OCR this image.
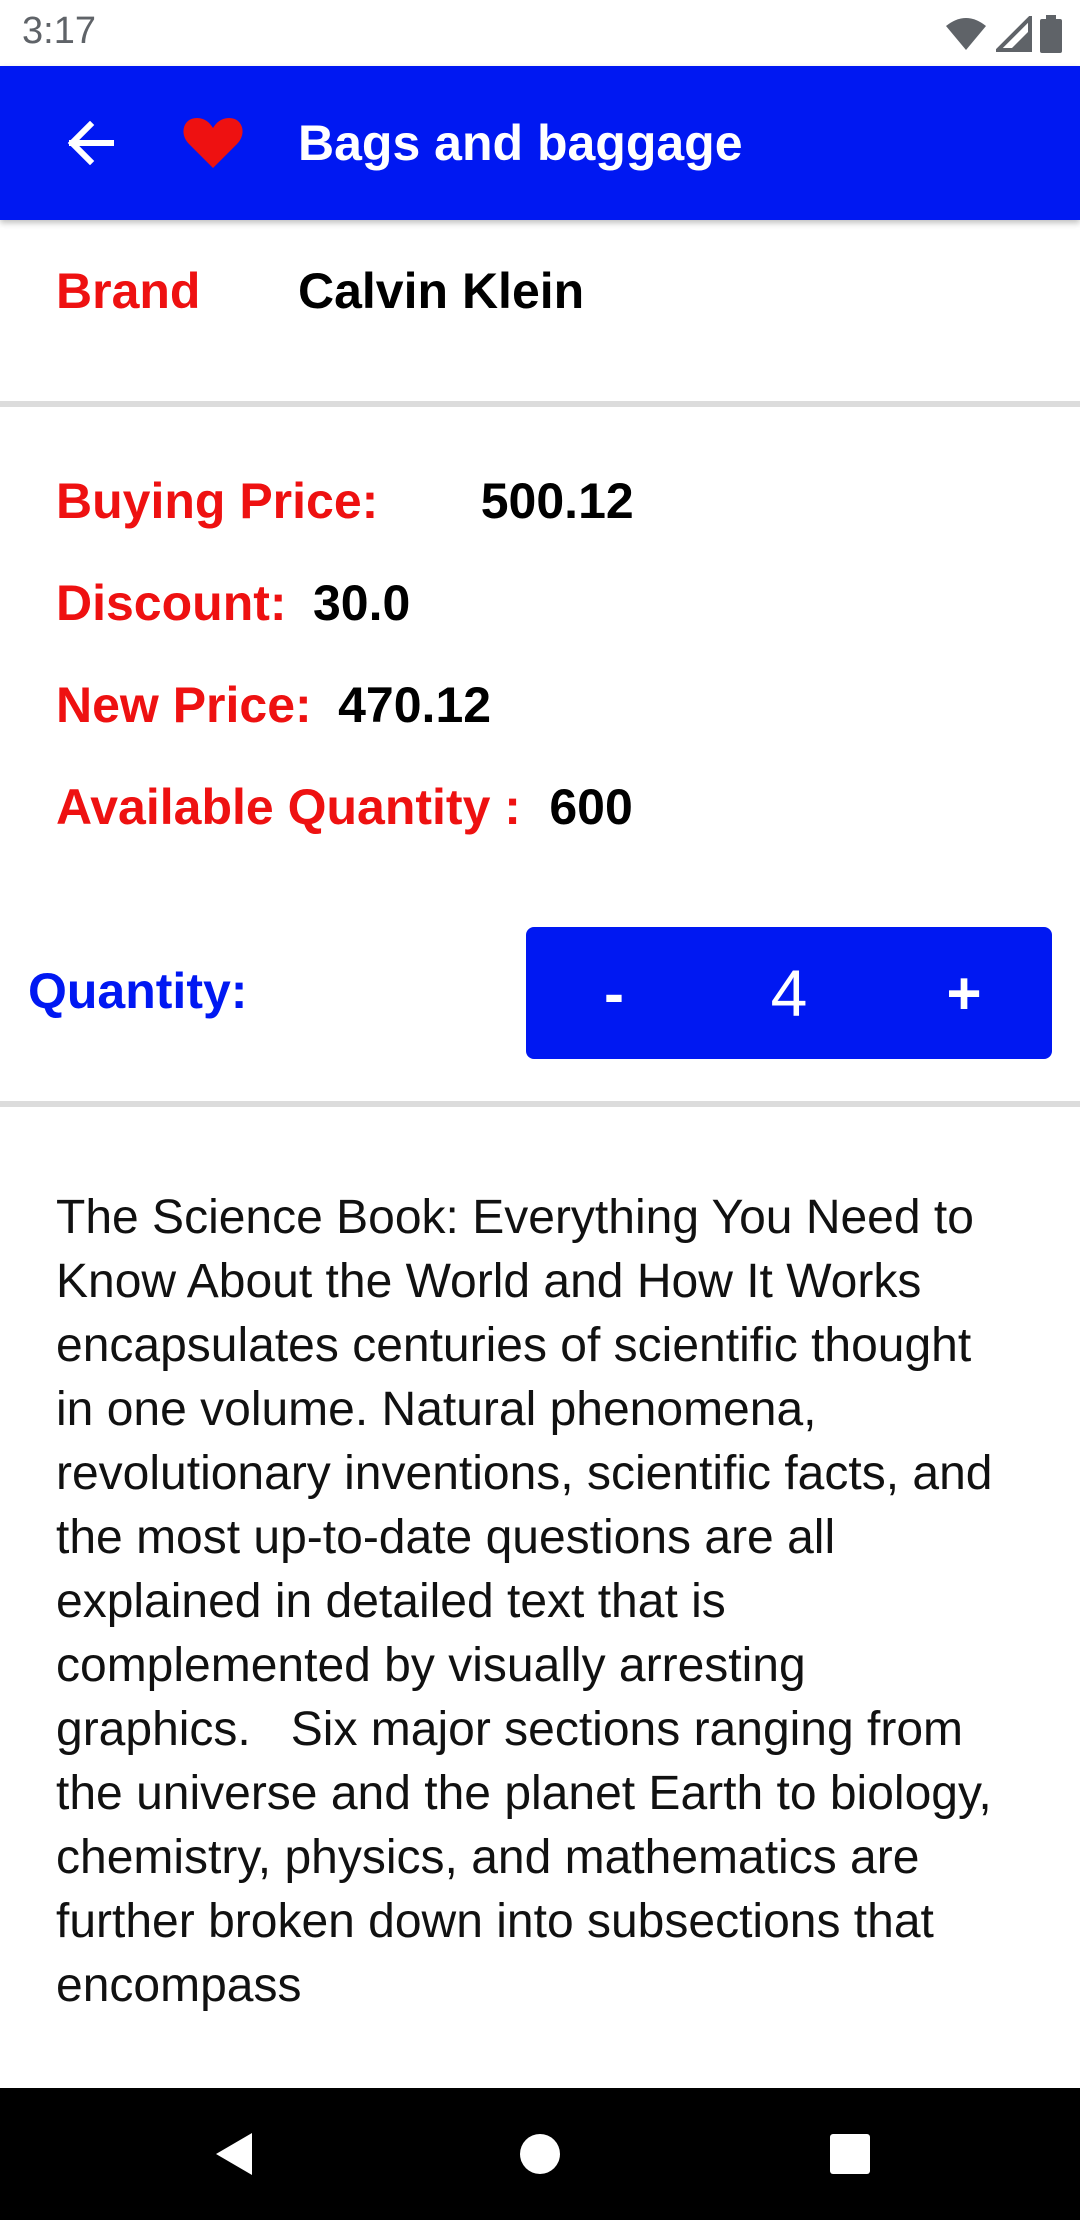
3:17
Bags and baggage
Brand Calvin Klein
Buying Price: 500.12
Discount: 30.0
New Price: 470.12
Available Quantity : 600
Quantity:	-	4	+

The Science Book: Everything You Need to Know About the World and How It Works encapsulates centuries of scientific thought in one volume. Natural phenomena, revolutionary inventions, scientific facts, and the most up-to-date questions are all explained in detailed text that is complemented by visually arresting graphics.   Six major sections ranging from the universe and the planet Earth to biology, chemistry, physics, and mathematics are further broken down into subsections that encompass
